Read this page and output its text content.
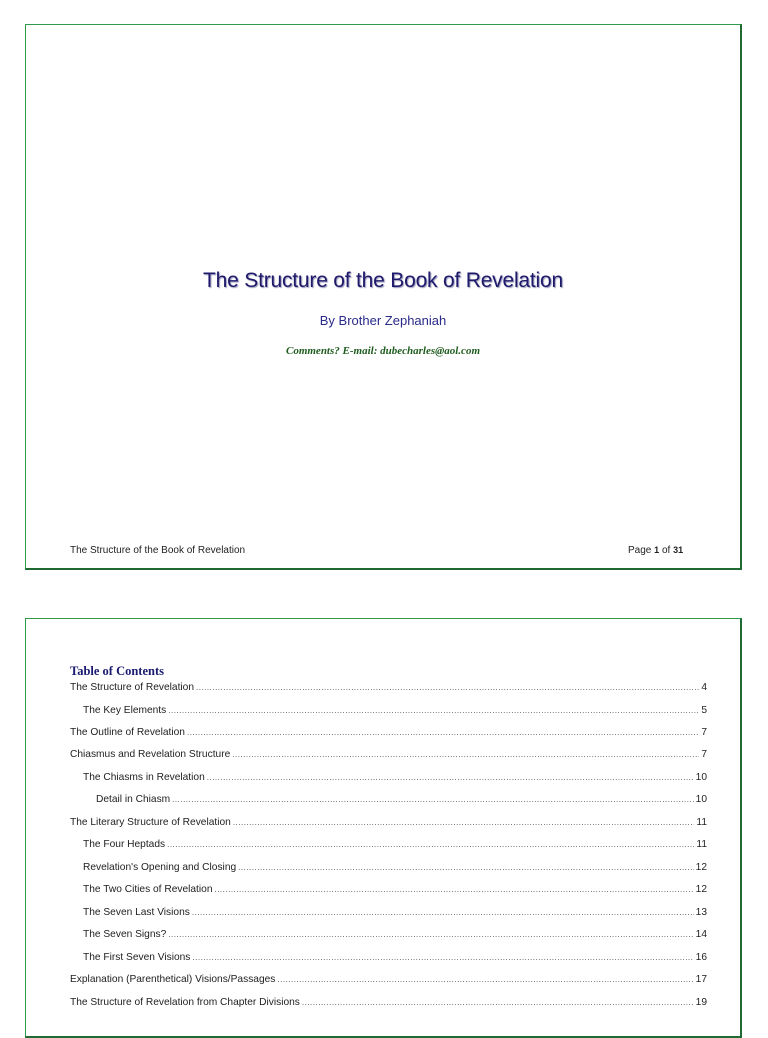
The Structure of the Book of Revelation
By Brother Zephaniah
Comments? E-mail: dubecharles@aol.com
The Structure of the Book of Revelation	Page 1 of 31
Table of Contents
The Structure of Revelation .....	4
The Key Elements .....	5
The Outline of Revelation .....	7
Chiasmus and Revelation Structure .....	7
The Chiasms in Revelation .....	10
Detail in Chiasm .....	10
The Literary Structure of Revelation .....	11
The Four Heptads .....	11
Revelation's Opening and Closing .....	12
The Two Cities of Revelation .....	12
The Seven Last Visions .....	13
The Seven Signs? .....	14
The First Seven Visions .....	16
Explanation (Parenthetical) Visions/Passages .....	17
The Structure of Revelation from Chapter Divisions .....	19
